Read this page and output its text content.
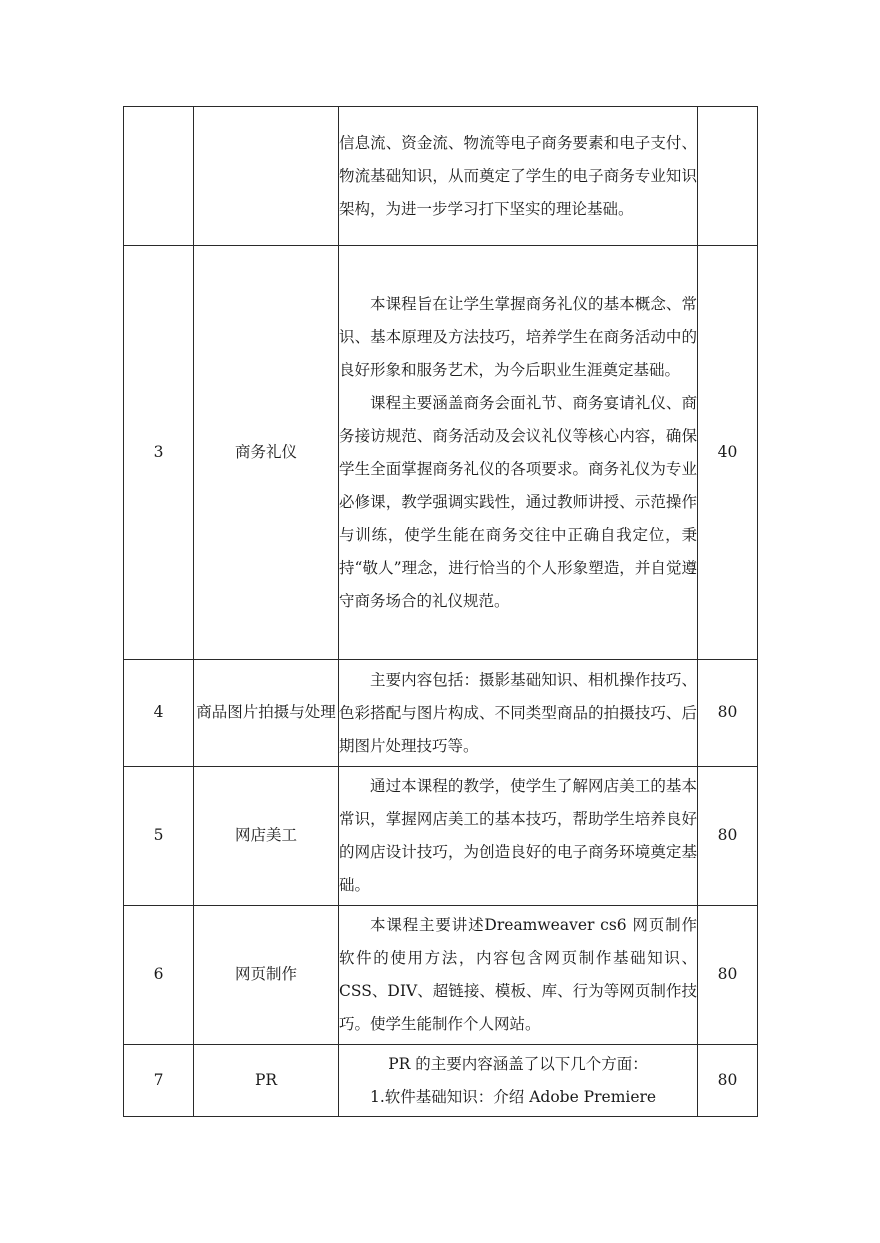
		信息流、资金流、物流等电子商务要素和电子支付、物流基础知识，从而奠定了学生的电子商务专业知识架构，为进一步学习打下坚实的理论基础。	

3	商务礼仪	本课程旨在让学生掌握商务礼仪的基本概念、常识、基本原理及方法技巧，培养学生在商务活动中的良好形象和服务艺术，为今后职业生涯奠定基础。

课程主要涵盖商务会面礼节、商务宴请礼仪、商务接访规范、商务活动及会议礼仪等核心内容，确保学生全面掌握商务礼仪的各项要求。商务礼仪为专业必修课，教学强调实践性，通过教师讲授、示范操作与训练，使学生能在商务交往中正确自我定位，秉持“敬人”理念，进行恰当的个人形象塑造，并自觉遵守商务场合的礼仪规范。	40
4	商品图片拍摄与处理	主要内容包括：摄影基础知识、相机操作技巧、色彩搭配与图片构成、不同类型商品的拍摄技巧、后期图片处理技巧等。	80
5	网店美工	通过本课程的教学，使学生了解网店美工的基本常识，掌握网店美工的基本技巧，帮助学生培养良好的网店设计技巧，为创造良好的电子商务环境奠定基础。	80
6	网页制作	本课程主要讲述Dreamweaver cs6 网页制作软件的使用方法，内容包含网页制作基础知识、CSS、DIV、超链接、模板、库、行为等网页制作技巧。使学生能制作个人网站。	80
7	PR	PR 的主要内容涵盖了以下几个方面：

1.软件基础知识：介绍 Adobe Premiere	80
